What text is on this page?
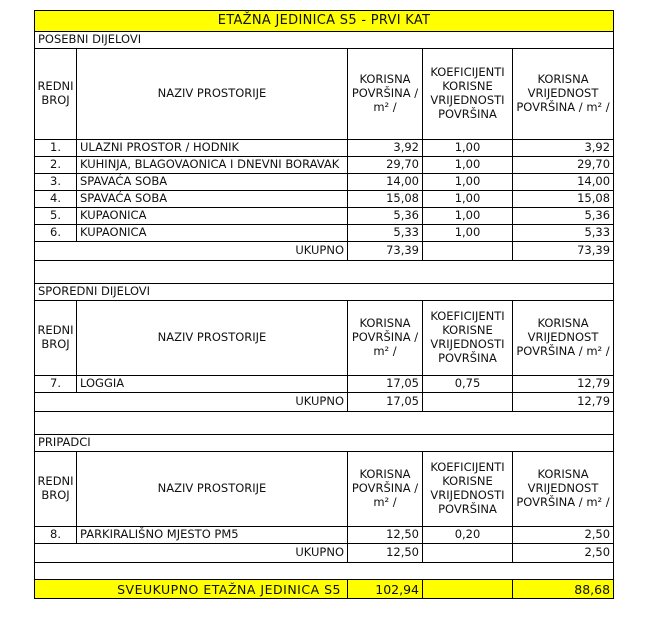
ETAŽNA JEDINICA S5 - PRVI KAT				
POSEBNI DIJELOVI				
REDNI BROJ	NAZIV PROSTORIJE	KORISNA POVRŠINA / m² /	KOEFICIJENTI KORISNE VRIJEDNOSTI POVRŠINA	KORISNA VRIJEDNOST POVRŠINA / m² /
1.	ULAZNI PROSTOR / HODNIK	3,92	1,00	3,92
2.	KUHINJA, BLAGOVAONICA I DNEVNI BORAVAK	29,70	1,00	29,70
3.	SPAVAĆA SOBA	14,00	1,00	14,00
4.	SPAVAĆA SOBA	15,08	1,00	15,08
5.	KUPAONICA	5,36	1,00	5,36
6.	KUPAONICA	5,33	1,00	5,33
UKUPNO		73,39		73,39

SPOREDNI DIJELOVI				
REDNI BROJ	NAZIV PROSTORIJE	KORISNA POVRŠINA / m² /	KOEFICIJENTI KORISNE VRIJEDNOSTI POVRŠINA	KORISNA VRIJEDNOST POVRŠINA / m² /
7.	LOGGIA	17,05	0,75	12,79
UKUPNO		17,05		12,79

PRIPADCI				
REDNI BROJ	NAZIV PROSTORIJE	KORISNA POVRŠINA / m² /	KOEFICIJENTI KORISNE VRIJEDNOSTI POVRŠINA	KORISNA VRIJEDNOST POVRŠINA / m² /
8.	PARKIRALIŠNO MJESTO PM5	12,50	0,20	2,50
UKUPNO		12,50		2,50

SVEUKUPNO ETAŽNA JEDINICA S5		102,94		88,68
